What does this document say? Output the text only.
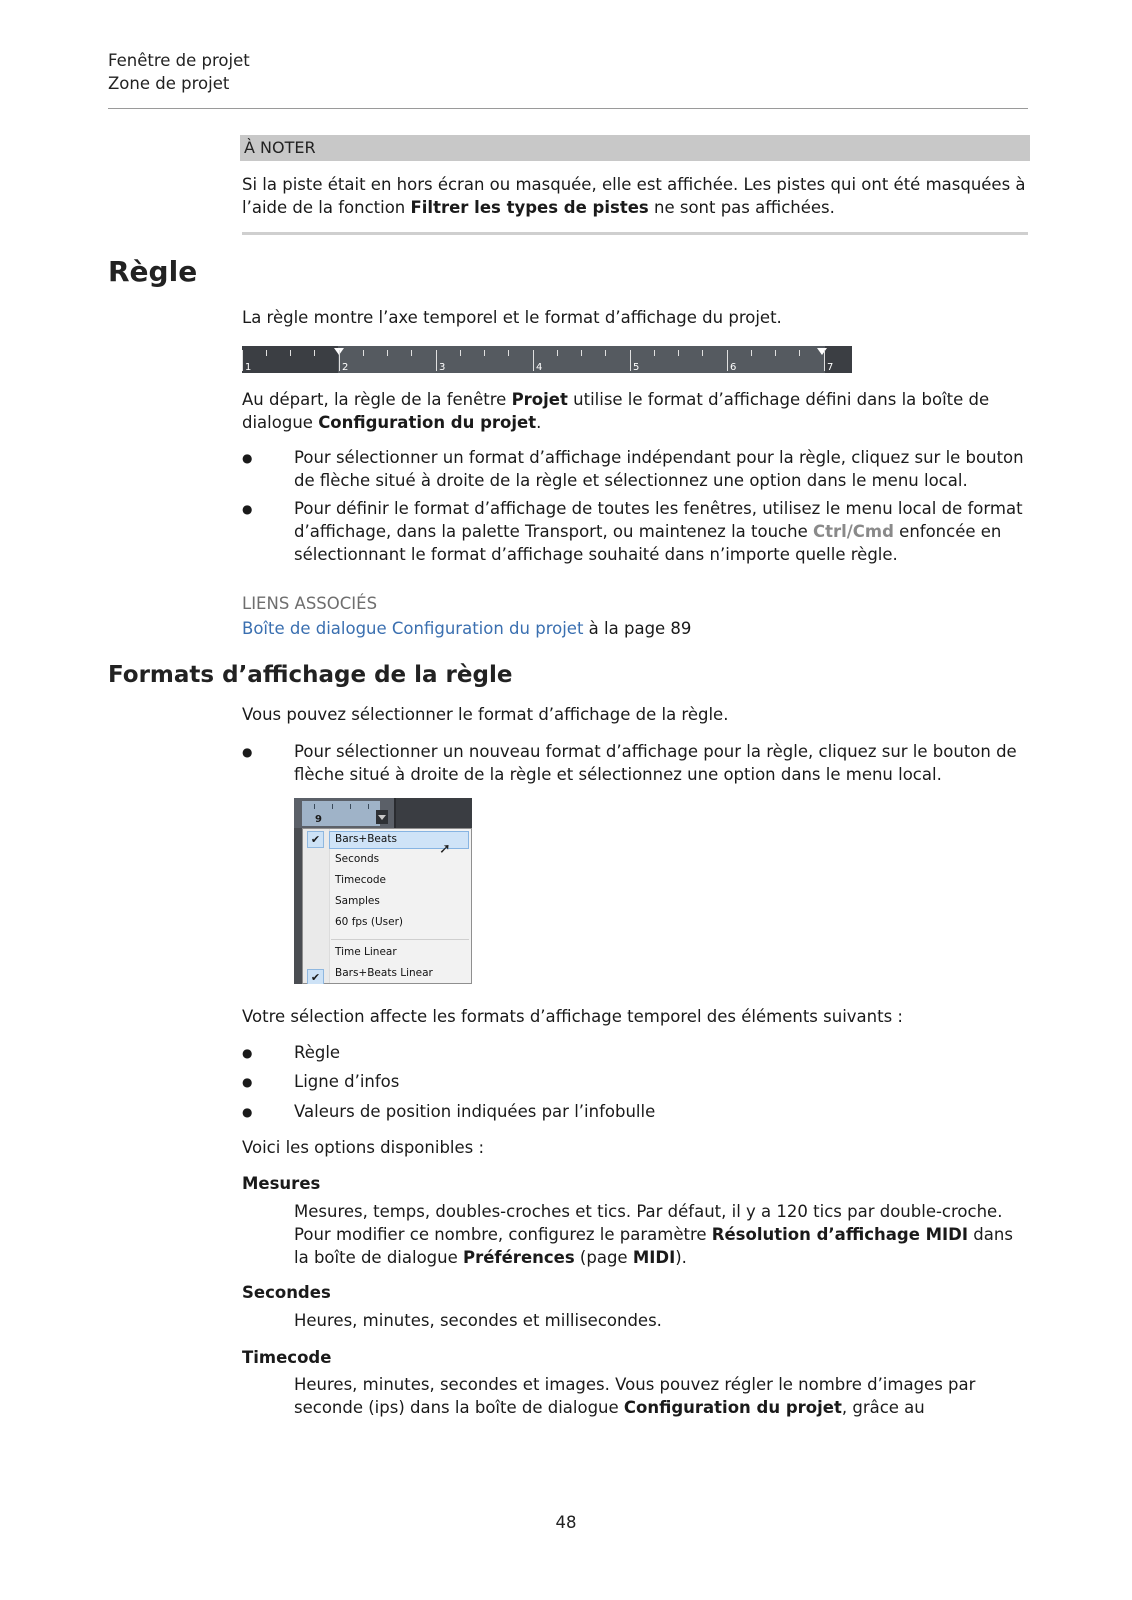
Fenêtre de projet
Zone de projet
À NOTER
Si la piste était en hors écran ou masquée, elle est affichée. Les pistes qui ont été masquées à l’aide de la fonction Filtrer les types de pistes ne sont pas affichées.
Règle
La règle montre l’axe temporel et le format d’affichage du projet.
1	2	3	4	5	6	7
Au départ, la règle de la fenêtre Projet utilise le format d’affichage défini dans la boîte de dialogue Configuration du projet.
●	Pour sélectionner un format d’affichage indépendant pour la règle, cliquez sur le bouton de flèche situé à droite de la règle et sélectionnez une option dans le menu local.
●	Pour définir le format d’affichage de toutes les fenêtres, utilisez le menu local de format d’affichage, dans la palette Transport, ou maintenez la touche Ctrl/Cmd enfoncée en sélectionnant le format d’affichage souhaité dans n’importe quelle règle.
LIENS ASSOCIÉS
Boîte de dialogue Configuration du projet à la page 89
Formats d’affichage de la règle
Vous pouvez sélectionner le format d’affichage de la règle.
●	Pour sélectionner un nouveau format d’affichage pour la règle, cliquez sur le bouton de flèche situé à droite de la règle et sélectionnez une option dans le menu local.
9
✔
✔
Bars+Beats
Seconds
Timecode
Samples
60 fps (User)
Time Linear
Bars+Beats Linear
➚
Votre sélection affecte les formats d’affichage temporel des éléments suivants :
●	Règle
●	Ligne d’infos
●	Valeurs de position indiquées par l’infobulle
Voici les options disponibles :
Mesures
Mesures, temps, doubles-croches et tics. Par défaut, il y a 120 tics par double-croche. Pour modifier ce nombre, configurez le paramètre Résolution d’affichage MIDI dans la boîte de dialogue Préférences (page MIDI).
Secondes
Heures, minutes, secondes et millisecondes.
Timecode
Heures, minutes, secondes et images. Vous pouvez régler le nombre d’images par seconde (ips) dans la boîte de dialogue Configuration du projet, grâce au
48
